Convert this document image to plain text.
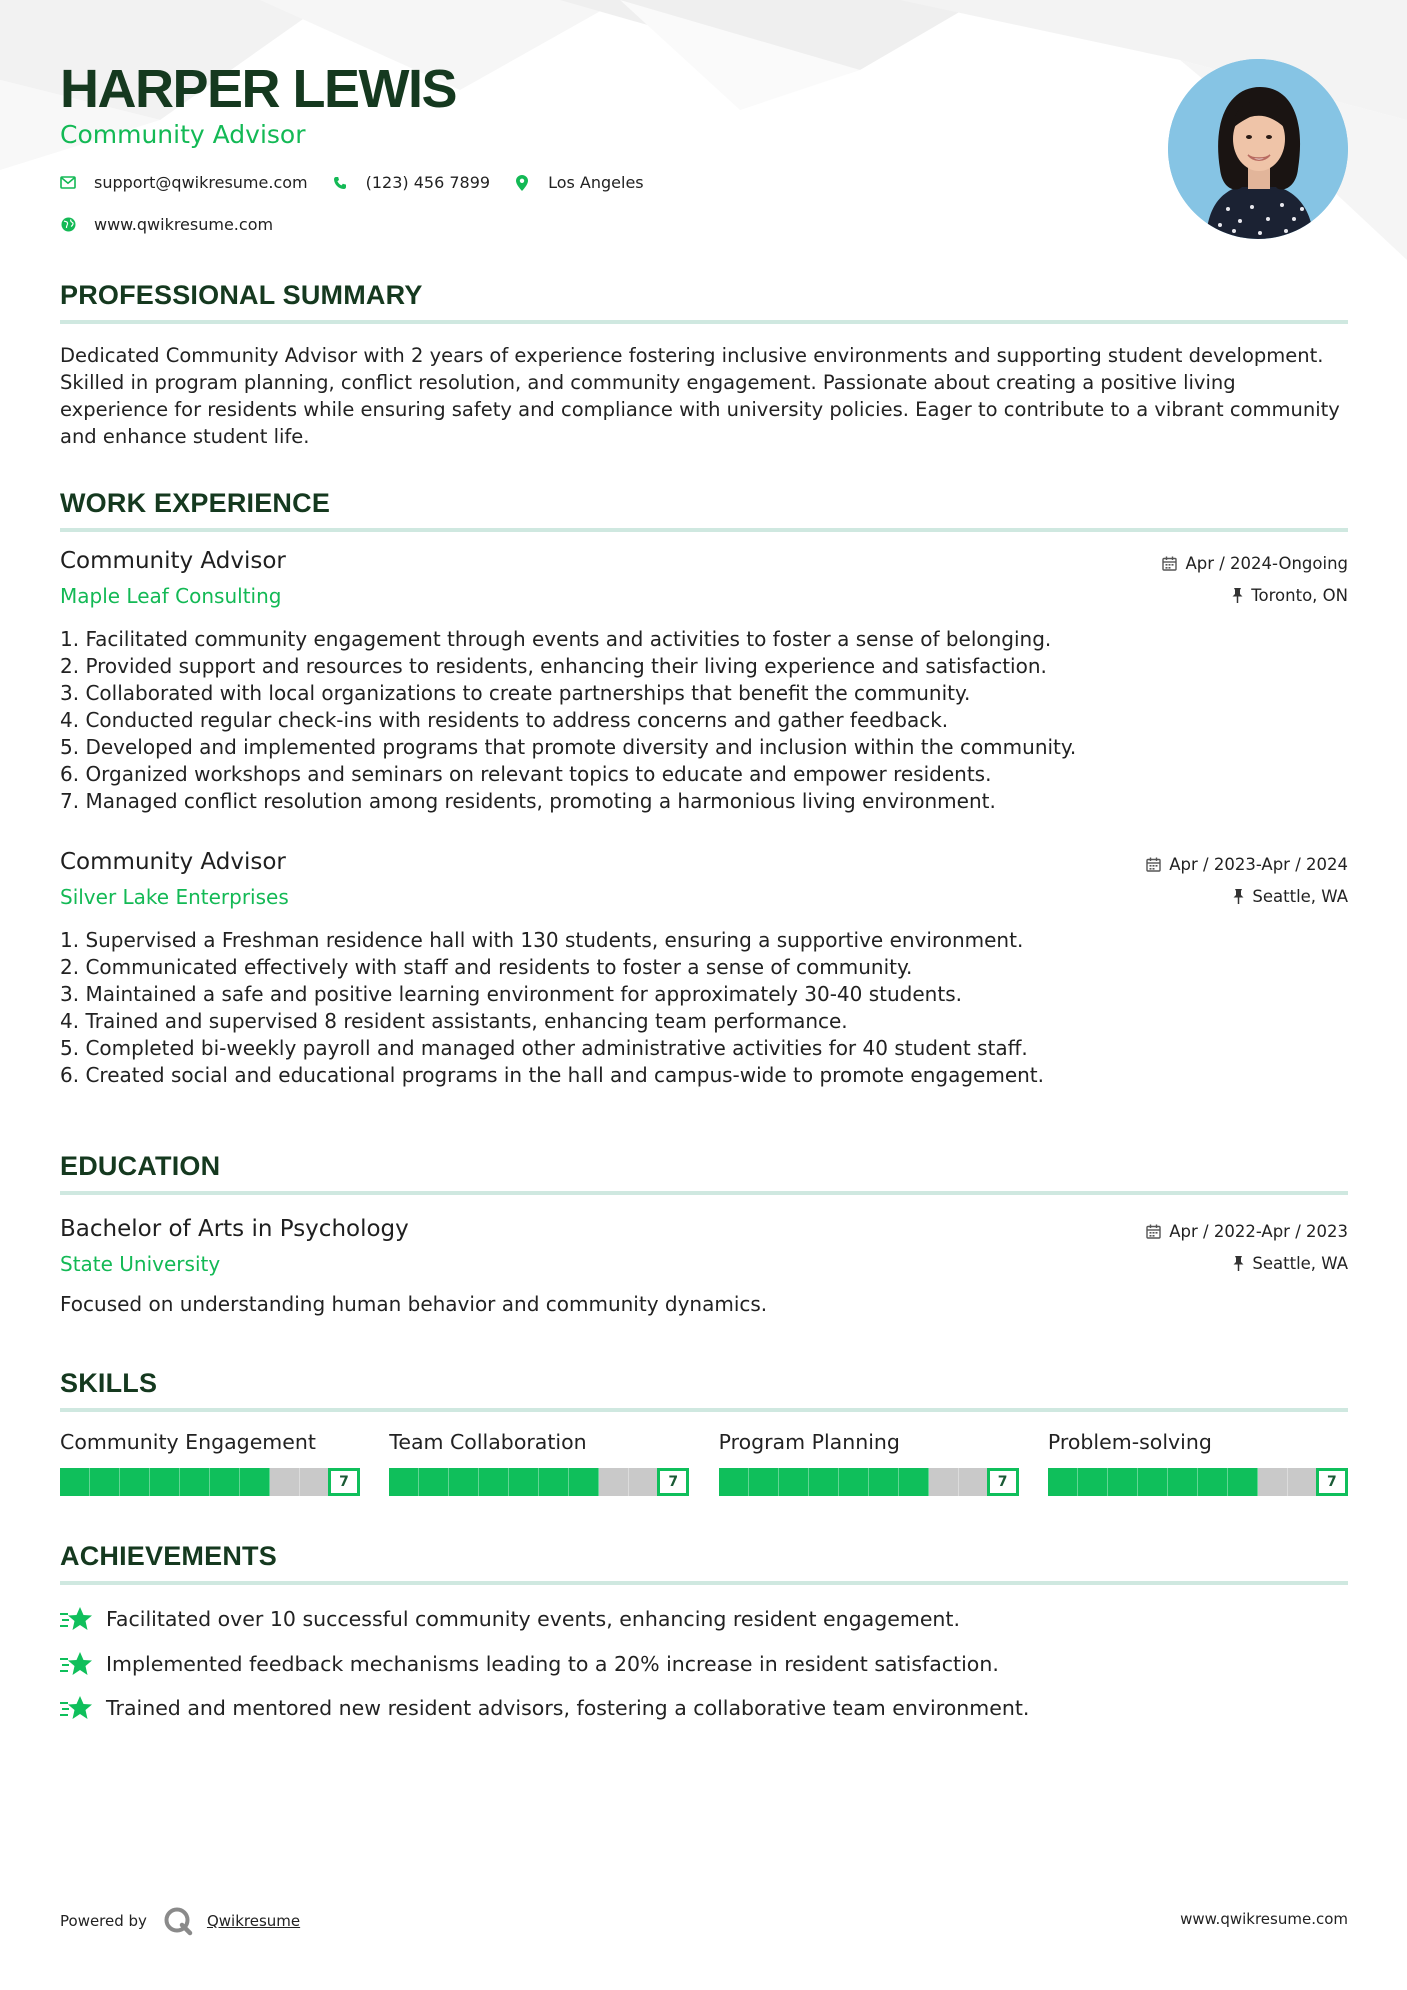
HARPER LEWIS
Community Advisor
support@qwikresume.com	(123) 456 7899	Los Angeles
www.qwikresume.com
PROFESSIONAL SUMMARY

Dedicated Community Advisor with 2 years of experience fostering inclusive environments and supporting student development. Skilled in program planning, conflict resolution, and community engagement. Passionate about creating a positive living experience for residents while ensuring safety and compliance with university policies. Eager to contribute to a vibrant community and enhance student life.

WORK EXPERIENCE
Community Advisor
Maple Leaf Consulting
Apr / 2024-Ongoing
Toronto, ON
1. Facilitated community engagement through events and activities to foster a sense of belonging.
2. Provided support and resources to residents, enhancing their living experience and satisfaction.
3. Collaborated with local organizations to create partnerships that benefit the community.
4. Conducted regular check-ins with residents to address concerns and gather feedback.
5. Developed and implemented programs that promote diversity and inclusion within the community.
6. Organized workshops and seminars on relevant topics to educate and empower residents.
7. Managed conflict resolution among residents, promoting a harmonious living environment.
Community Advisor
Silver Lake Enterprises
Apr / 2023-Apr / 2024
Seattle, WA
1. Supervised a Freshman residence hall with 130 students, ensuring a supportive environment.
2. Communicated effectively with staff and residents to foster a sense of community.
3. Maintained a safe and positive learning environment for approximately 30-40 students.
4. Trained and supervised 8 resident assistants, enhancing team performance.
5. Completed bi-weekly payroll and managed other administrative activities for 40 student staff.
6. Created social and educational programs in the hall and campus-wide to promote engagement.
EDUCATION
Bachelor of Arts in Psychology
State University
Apr / 2022-Apr / 2023
Seattle, WA
Focused on understanding human behavior and community dynamics.
SKILLS
Community Engagement
7
Team Collaboration
7
Program Planning
7
Problem-solving
7
ACHIEVEMENTS
Facilitated over 10 successful community events, enhancing resident engagement.
Implemented feedback mechanisms leading to a 20% increase in resident satisfaction.
Trained and mentored new resident advisors, fostering a collaborative team environment.
Powered by	Qwikresume	www.qwikresume.com
